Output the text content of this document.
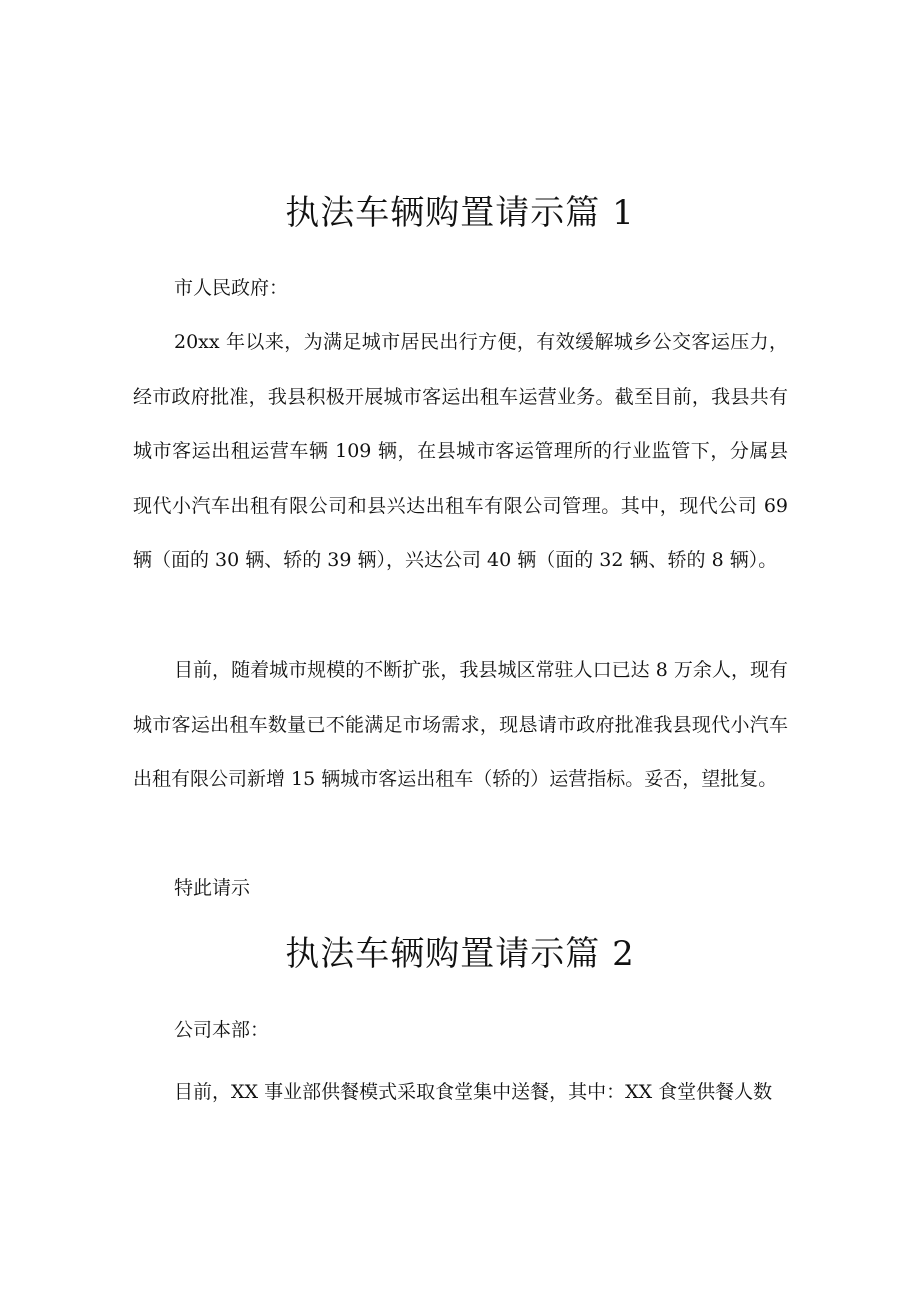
执法车辆购置请示篇 1

市人民政府：

20xx 年以来，为满足城市居民出行方便，有效缓解城乡公交客运压力，经市政府批准，我县积极开展城市客运出租车运营业务。截至目前，我县共有城市客运出租运营车辆 109 辆，在县城市客运管理所的行业监管下，分属县现代小汽车出租有限公司和县兴达出租车有限公司管理。其中，现代公司 69 辆（面的 30 辆、轿的 39 辆），兴达公司 40 辆（面的 32 辆、轿的 8 辆）。

目前，随着城市规模的不断扩张，我县城区常驻人口已达 8 万余人，现有城市客运出租车数量已不能满足市场需求，现恳请市政府批准我县现代小汽车出租有限公司新增 15 辆城市客运出租车（轿的）运营指标。妥否，望批复。

特此请示

执法车辆购置请示篇 2

公司本部：

目前，XX 事业部供餐模式采取食堂集中送餐，其中：XX 食堂供餐人数
